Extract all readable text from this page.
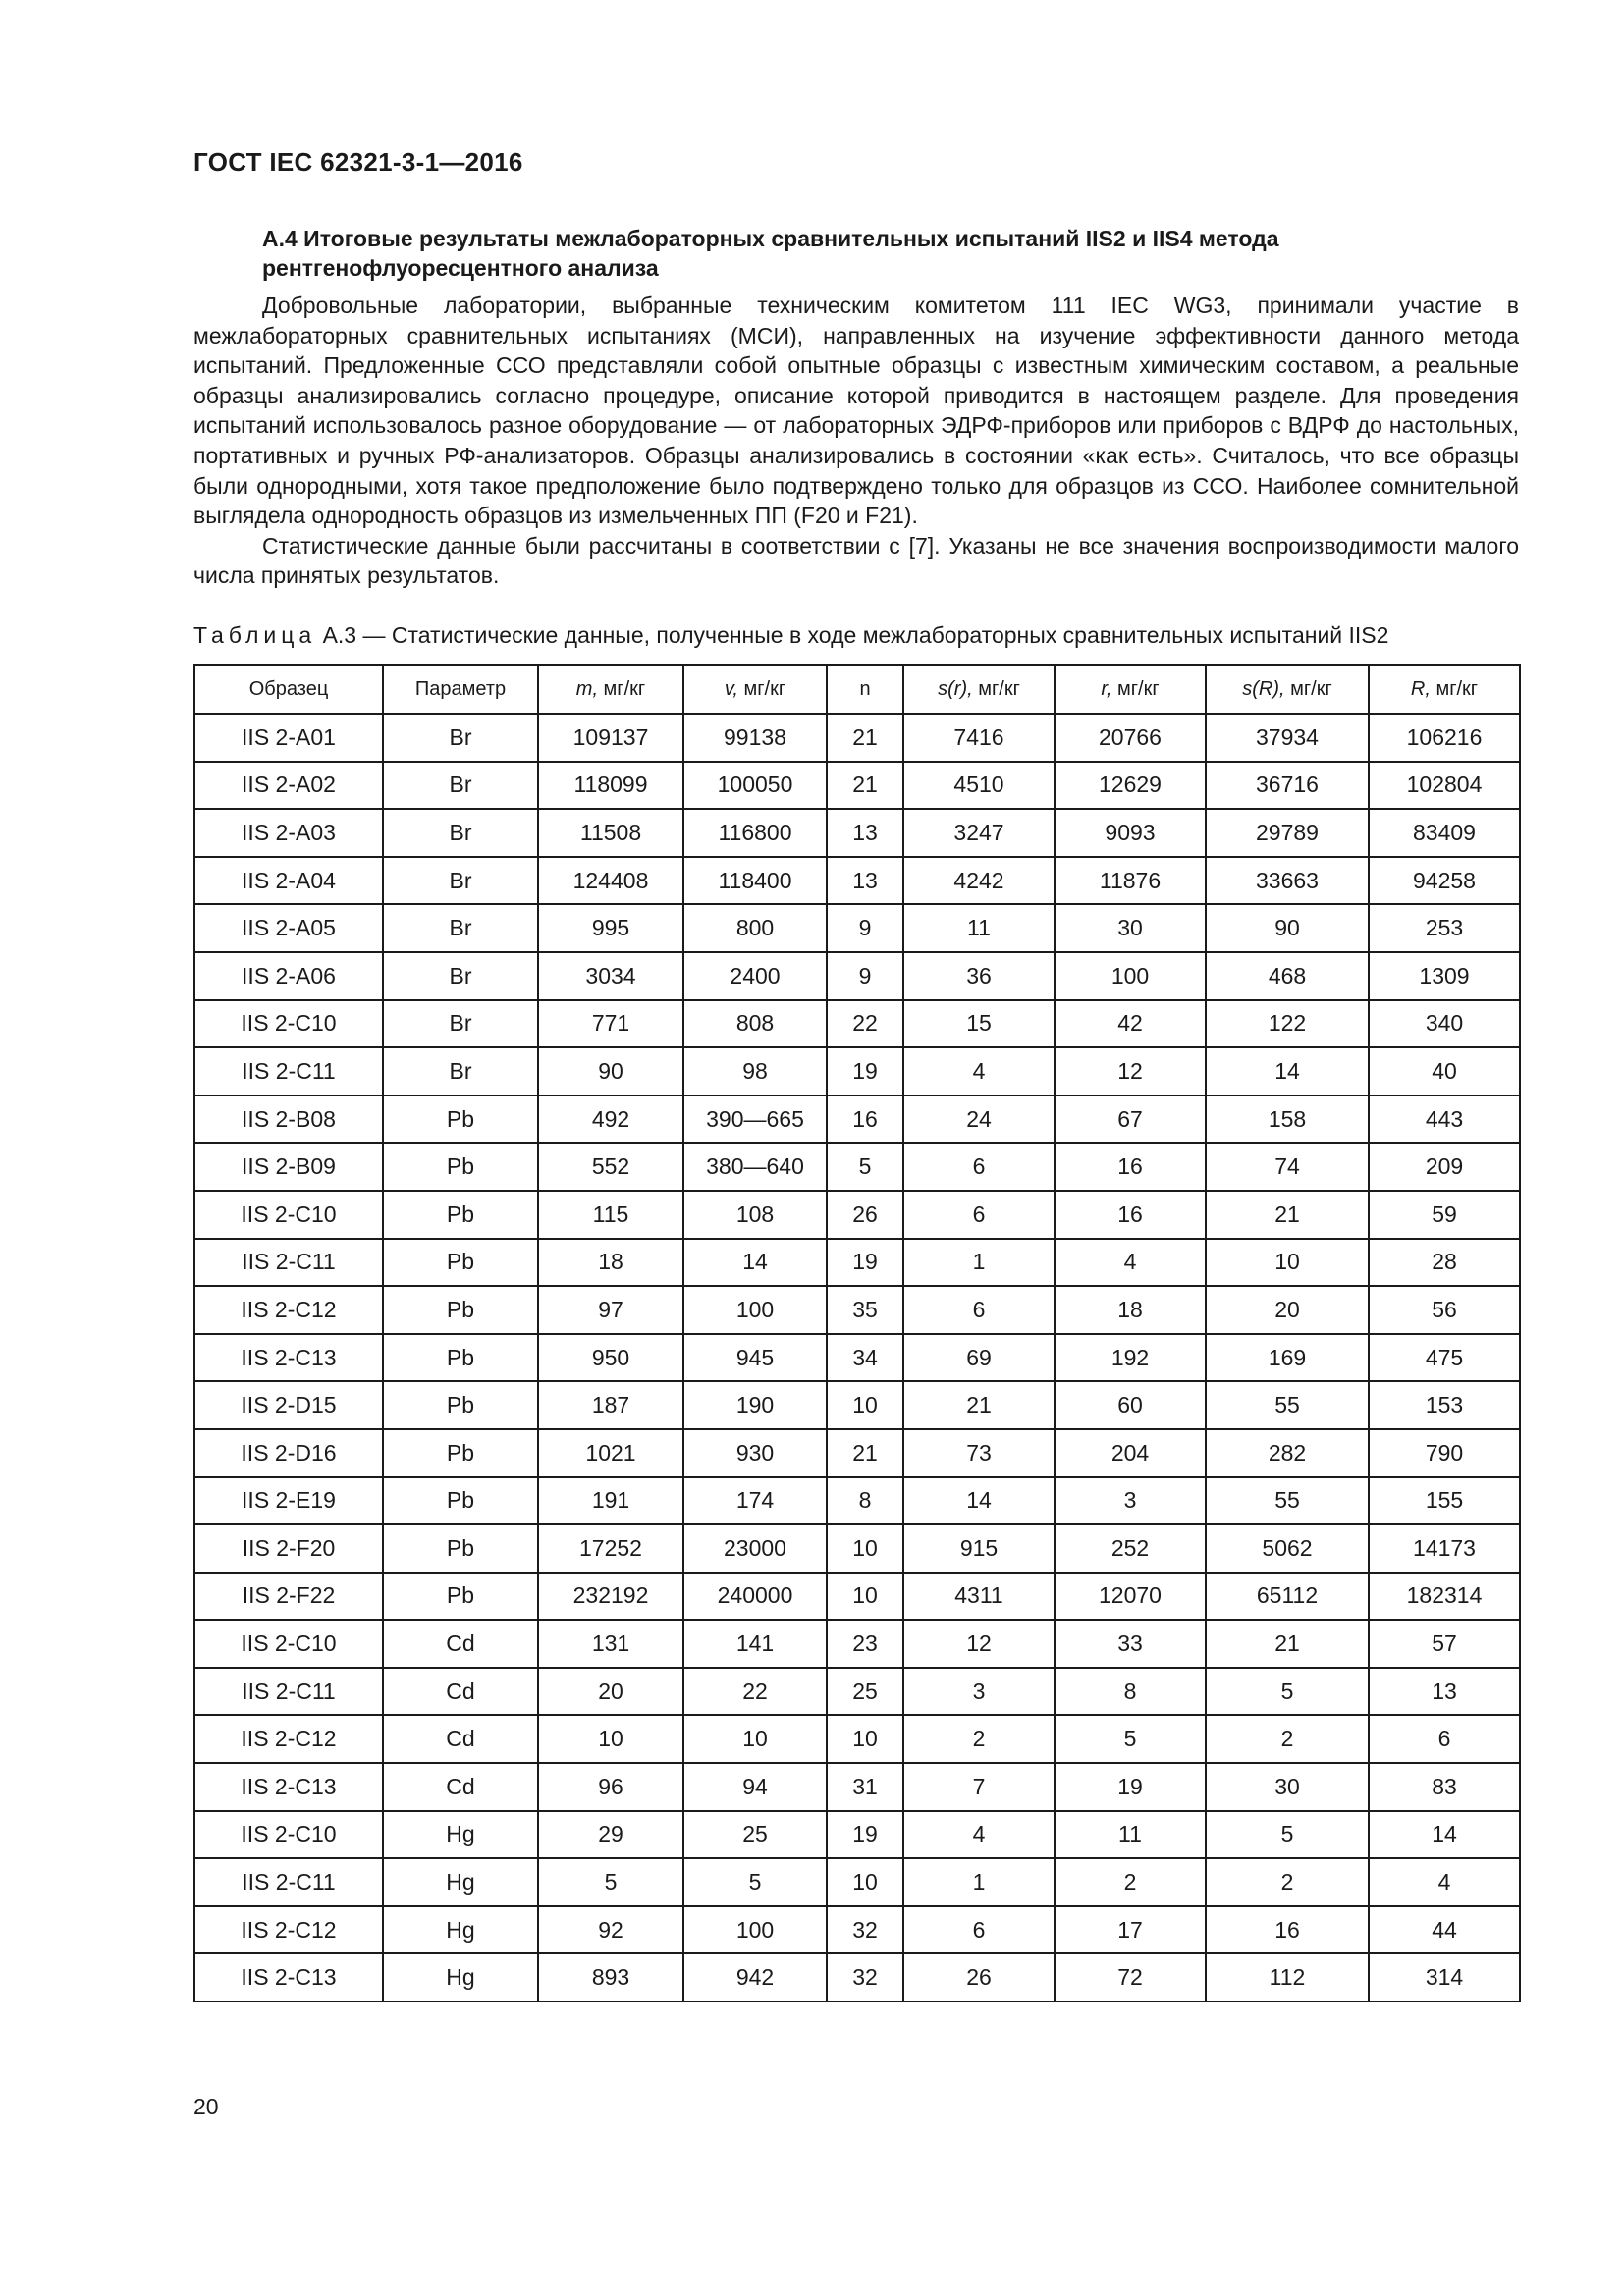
ГОСТ IEC 62321-3-1—2016
А.4 Итоговые результаты межлабораторных сравнительных испытаний IIS2 и IIS4 метода
рентгенофлуоресцентного анализа

Добровольные лаборатории, выбранные техническим комитетом 111 IEC WG3, принимали участие в межлабораторных сравнительных испытаниях (МСИ), направленных на изучение эффективности данного метода испытаний. Предложенные ССО представляли собой опытные образцы с известным химическим составом, а реальные образцы анализировались согласно процедуре, описание которой приводится в настоящем разделе. Для проведения испытаний использовалось разное оборудование — от лабораторных ЭДРФ-приборов или приборов с ВДРФ до настольных, портативных и ручных РФ-анализаторов. Образцы анализировались в состоянии «как есть». Считалось, что все образцы были однородными, хотя такое предположение было подтверждено только для образцов из ССО. Наиболее сомнительной выглядела однородность образцов из измельченных ПП (F20 и F21).

Статистические данные были рассчитаны в соответствии с [7]. Указаны не все значения воспроизводимости малого числа принятых результатов.

Таблица А.3 — Статистические данные, полученные в ходе межлабораторных сравнительных испытаний IIS2
Образец	Параметр	m, мг/кг	v, мг/кг	n	s(r), мг/кг	r, мг/кг	s(R), мг/кг	R, мг/кг
IIS 2-A01	Br	109137	99138	21	7416	20766	37934	106216
IIS 2-A02	Br	118099	100050	21	4510	12629	36716	102804
IIS 2-A03	Br	11508	116800	13	3247	9093	29789	83409
IIS 2-A04	Br	124408	118400	13	4242	11876	33663	94258
IIS 2-A05	Br	995	800	9	11	30	90	253
IIS 2-A06	Br	3034	2400	9	36	100	468	1309
IIS 2-C10	Br	771	808	22	15	42	122	340
IIS 2-C11	Br	90	98	19	4	12	14	40
IIS 2-B08	Pb	492	390—665	16	24	67	158	443
IIS 2-B09	Pb	552	380—640	5	6	16	74	209
IIS 2-C10	Pb	115	108	26	6	16	21	59
IIS 2-C11	Pb	18	14	19	1	4	10	28
IIS 2-C12	Pb	97	100	35	6	18	20	56
IIS 2-C13	Pb	950	945	34	69	192	169	475
IIS 2-D15	Pb	187	190	10	21	60	55	153
IIS 2-D16	Pb	1021	930	21	73	204	282	790
IIS 2-E19	Pb	191	174	8	14	3	55	155
IIS 2-F20	Pb	17252	23000	10	915	252	5062	14173
IIS 2-F22	Pb	232192	240000	10	4311	12070	65112	182314
IIS 2-C10	Cd	131	141	23	12	33	21	57
IIS 2-C11	Cd	20	22	25	3	8	5	13
IIS 2-C12	Cd	10	10	10	2	5	2	6
IIS 2-C13	Cd	96	94	31	7	19	30	83
IIS 2-C10	Hg	29	25	19	4	11	5	14
IIS 2-C11	Hg	5	5	10	1	2	2	4
IIS 2-C12	Hg	92	100	32	6	17	16	44
IIS 2-C13	Hg	893	942	32	26	72	112	314
20
